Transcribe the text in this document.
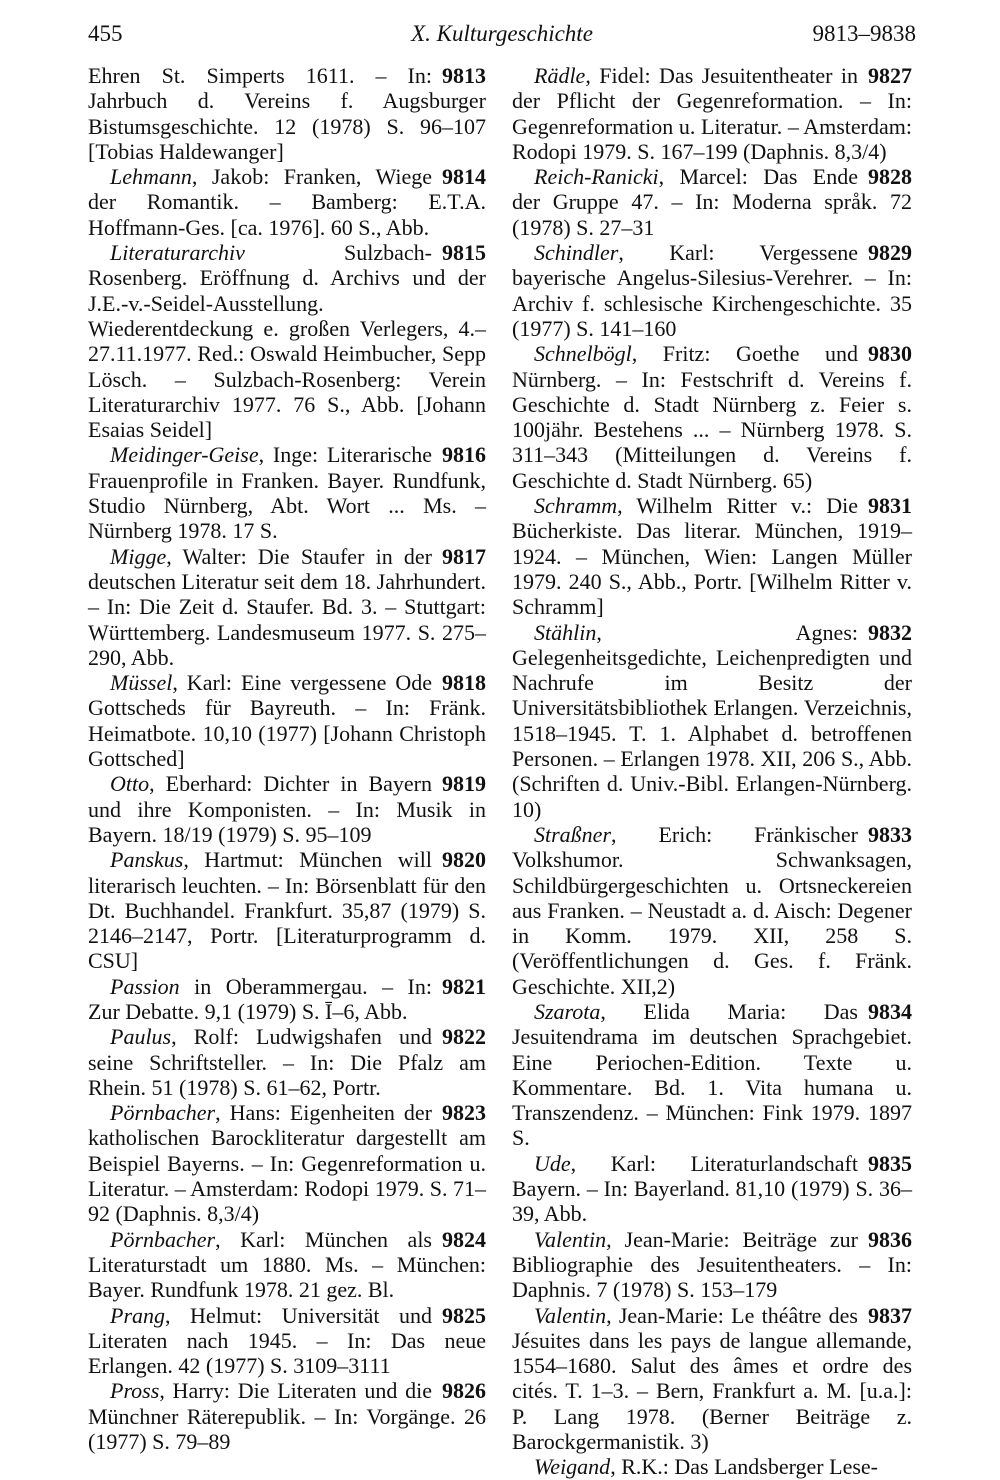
455	X. Kulturgeschichte	9813–9838

9813
Ehren St. Simperts 1611. – In: Jahrbuch d. Vereins f. Augsburger Bistumsgeschichte. 12 (1978) S. 96–107 [Tobias Haldewanger]

9814
Lehmann, Jakob: Franken, Wiege der Romantik. – Bamberg: E.T.A. Hoffmann-Ges. [ca. 1976]. 60 S., Abb.

9815
Literaturarchiv Sulzbach-Rosenberg. Eröffnung d. Archivs und der J.E.-v.-Seidel-Ausstellung. Wiederentdeckung e. großen Verlegers, 4.–27.11.1977. Red.: Oswald Heimbucher, Sepp Lösch. – Sulzbach-Rosenberg: Verein Literaturarchiv 1977. 76 S., Abb. [Johann Esaias Seidel]

9816
Meidinger-Geise, Inge: Literarische Frauenprofile in Franken. Bayer. Rundfunk, Studio Nürnberg, Abt. Wort ... Ms. – Nürnberg 1978. 17 S.

9817
Migge, Walter: Die Staufer in der deutschen Literatur seit dem 18. Jahrhundert. – In: Die Zeit d. Staufer. Bd. 3. – Stuttgart: Württemberg. Landesmuseum 1977. S. 275–290, Abb.

9818
Müssel, Karl: Eine vergessene Ode Gottscheds für Bayreuth. – In: Fränk. Heimatbote. 10,10 (1977) [Johann Christoph Gottsched]

9819
Otto, Eberhard: Dichter in Bayern und ihre Komponisten. – In: Musik in Bayern. 18/19 (1979) S. 95–109

9820
Panskus, Hartmut: München will literarisch leuchten. – In: Börsenblatt für den Dt. Buchhandel. Frankfurt. 35,87 (1979) S. 2146–2147, Portr. [Literaturprogramm d. CSU]

9821
Passion in Oberammergau. – In: Zur Debatte. 9,1 (1979) S. Ī–6, Abb.

9822
Paulus, Rolf: Ludwigshafen und seine Schriftsteller. – In: Die Pfalz am Rhein. 51 (1978) S. 61–62, Portr.

9823
Pörnbacher, Hans: Eigenheiten der katholischen Barockliteratur dargestellt am Beispiel Bayerns. – In: Gegenreformation u. Literatur. – Amsterdam: Rodopi 1979. S. 71–92 (Daphnis. 8,3/4)

9824
Pörnbacher, Karl: München als Literaturstadt um 1880. Ms. – München: Bayer. Rundfunk 1978. 21 gez. Bl.

9825
Prang, Helmut: Universität und Literaten nach 1945. – In: Das neue Erlangen. 42 (1977) S. 3109–3111

9826
Pross, Harry: Die Literaten und die Münchner Räterepublik. – In: Vorgänge. 26 (1977) S. 79–89

9827
Rädle, Fidel: Das Jesuitentheater in der Pflicht der Gegenreformation. – In: Gegenreformation u. Literatur. – Amsterdam: Rodopi 1979. S. 167–199 (Daphnis. 8,3/4)

9828
Reich-Ranicki, Marcel: Das Ende der Gruppe 47. – In: Moderna språk. 72 (1978) S. 27–31

9829
Schindler, Karl: Vergessene bayerische Angelus-Silesius-Verehrer. – In: Archiv f. schlesische Kirchengeschichte. 35 (1977) S. 141–160

9830
Schnelbögl, Fritz: Goethe und Nürnberg. – In: Festschrift d. Vereins f. Geschichte d. Stadt Nürnberg z. Feier s. 100jähr. Bestehens ... – Nürnberg 1978. S. 311–343 (Mitteilungen d. Vereins f. Geschichte d. Stadt Nürnberg. 65)

9831
Schramm, Wilhelm Ritter v.: Die Bücherkiste. Das literar. München, 1919–1924. – München, Wien: Langen Müller 1979. 240 S., Abb., Portr. [Wilhelm Ritter v. Schramm]

9832
Stählin, Agnes: Gelegenheitsgedichte, Leichenpredigten und Nachrufe im Besitz der Universitätsbibliothek Erlangen. Verzeichnis, 1518–1945. T. 1. Alphabet d. betroffenen Personen. – Erlangen 1978. XII, 206 S., Abb. (Schriften d. Univ.-Bibl. Erlangen-Nürnberg. 10)

9833
Straßner, Erich: Fränkischer Volkshumor. Schwanksagen, Schildbürgergeschichten u. Ortsneckereien aus Franken. – Neustadt a. d. Aisch: Degener in Komm. 1979. XII, 258 S. (Veröffentlichungen d. Ges. f. Fränk. Geschichte. XII,2)

9834
Szarota, Elida Maria: Das Jesuitendrama im deutschen Sprachgebiet. Eine Periochen-Edition. Texte u. Kommentare. Bd. 1. Vita humana u. Transzendenz. – München: Fink 1979. 1897 S.

9835
Ude, Karl: Literaturlandschaft Bayern. – In: Bayerland. 81,10 (1979) S. 36–39, Abb.

9836
Valentin, Jean-Marie: Beiträge zur Bibliographie des Jesuitentheaters. – In: Daphnis. 7 (1978) S. 153–179

9837
Valentin, Jean-Marie: Le théâtre des Jésuites dans les pays de langue allemande, 1554–1680. Salut des âmes et ordre des cités. T. 1–3. – Bern, Frankfurt a. M. [u.a.]: P. Lang 1978. (Berner Beiträge z. Barockgermanistik. 3)

Weigand, R.K.: Das Landsberger Lese-
